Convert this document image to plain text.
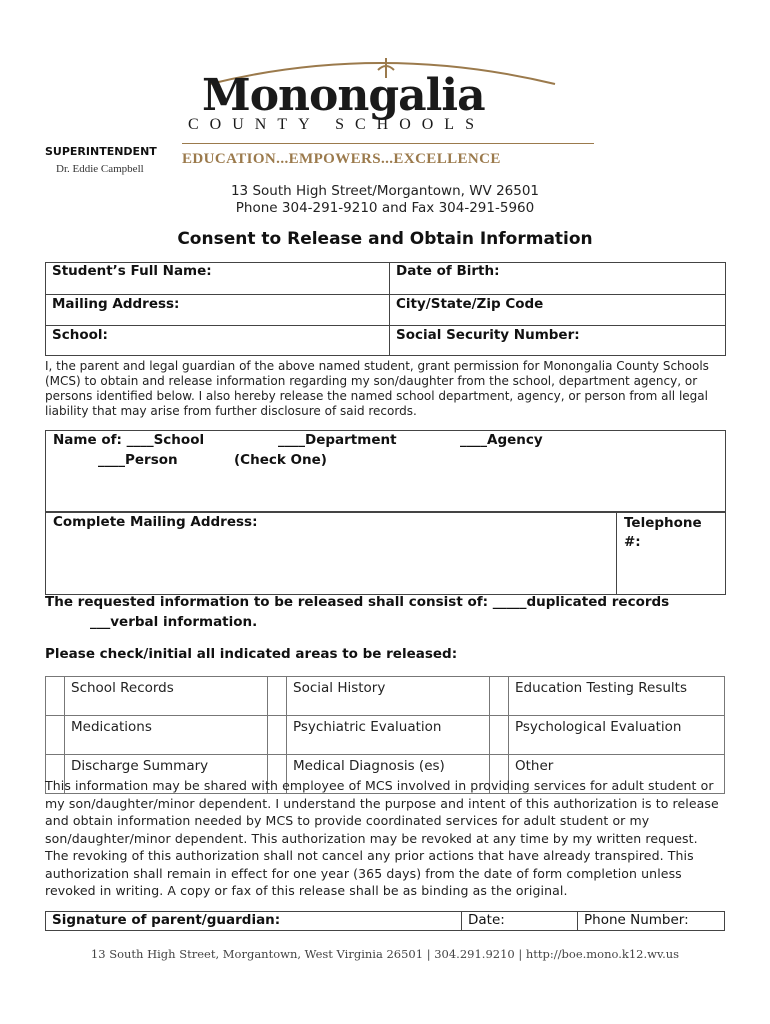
Monongalia
COUNTY SCHOOLS
EDUCATION...EMPOWERS...EXCELLENCE
SUPERINTENDENT
Dr. Eddie Campbell
13 South High Street/Morgantown, WV 26501
Phone 304-291-9210 and Fax 304-291-5960
Consent to Release and Obtain Information
Student’s Full Name:	Date of Birth:
Mailing Address:	City/State/Zip Code
School:	Social Security Number:
I, the parent and legal guardian of the above named student, grant permission for Monongalia County Schools (MCS) to obtain and release information regarding my son/daughter from the school, department agency, or persons identified below. I also hereby release the named school department, agency, or person from all legal liability that may arise from further disclosure of said records.
Name of: ____School	____Department	____Agency
____Person	(Check One)
Complete Mailing Address:	Telephone #:
The requested information to be released shall consist of: _____duplicated records
___verbal information.
Please check/initial all indicated areas to be released:
	School Records		Social History		Education Testing Results
	Medications		Psychiatric Evaluation		Psychological Evaluation
	Discharge Summary		Medical Diagnosis (es)		Other
This information may be shared with employee of MCS involved in providing services for adult student or my son/daughter/minor dependent. I understand the purpose and intent of this authorization is to release and obtain information needed by MCS to provide coordinated services for adult student or my son/daughter/minor dependent. This authorization may be revoked at any time by my written request. The revoking of this authorization shall not cancel any prior actions that have already transpired. This authorization shall remain in effect for one year (365 days) from the date of form completion unless revoked in writing. A copy or fax of this release shall be as binding as the original.
Signature of parent/guardian:	Date:	Phone Number:
13 South High Street, Morgantown, West Virginia 26501 | 304.291.9210 | http://boe.mono.k12.wv.us
